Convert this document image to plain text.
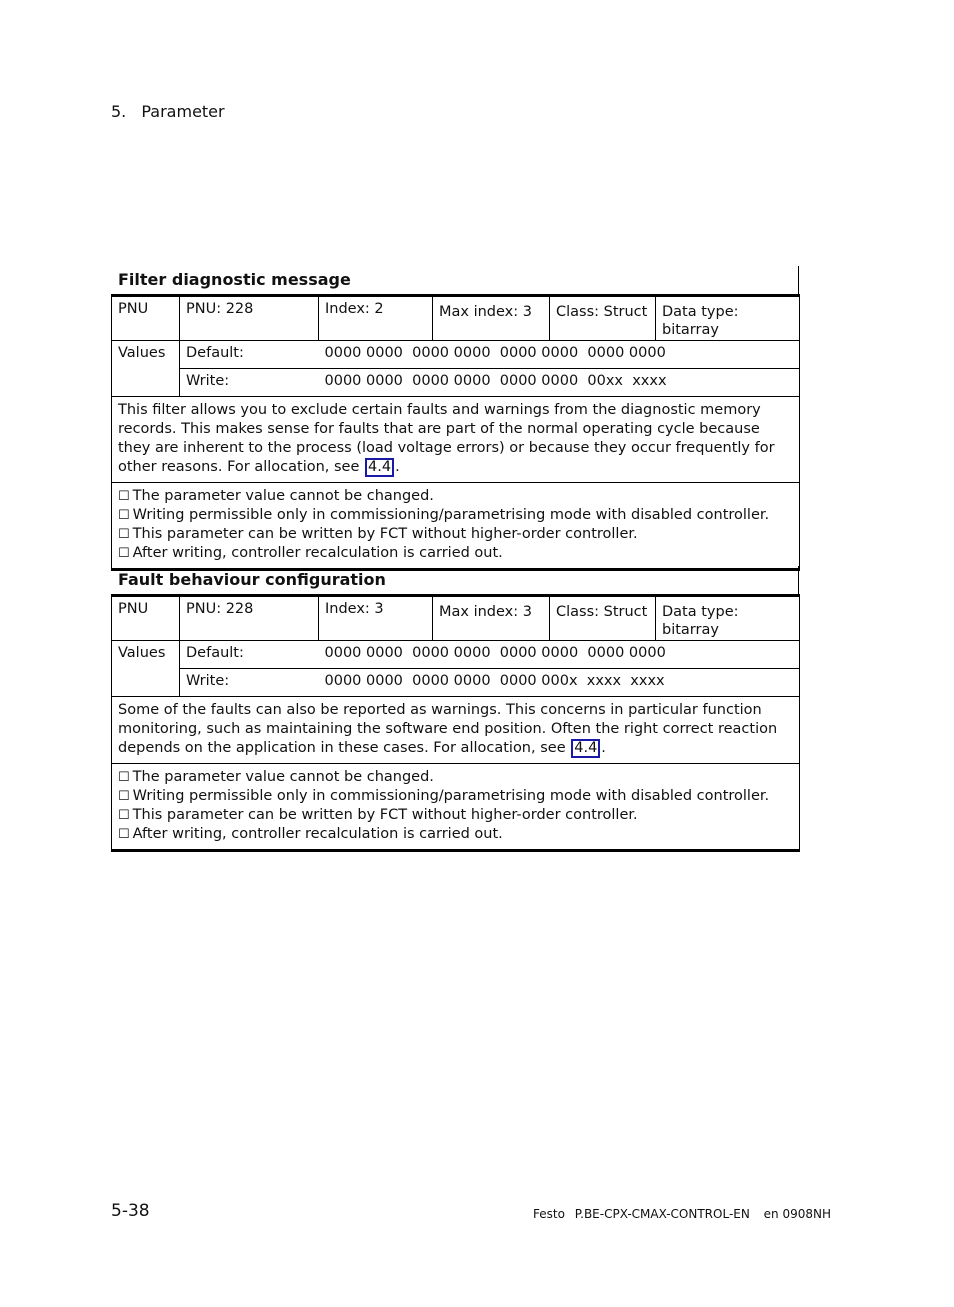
5. Parameter
Filter diagnostic message
PNU	PNU: 228	Index: 2	Max index: 3	Class: Struct	Data type: bitarray
Values	Default:	0000 0000  0000 0000  0000 0000  0000 0000			
	Write:	0000 0000  0000 0000  0000 0000  00xx  xxxx			
This filter allows you to exclude certain faults and warnings from the diagnostic memory records. This makes sense for faults that are part of the normal operating cycle because they are inherent to the process (load voltage errors) or because they occur frequently for other reasons. For allocation, see 4.4 .					

☐ The parameter value cannot be changed.
☐ Writing permissible only in commissioning/parametrising mode with disabled controller.
☐ This parameter can be written by FCT without higher-order controller.
☐ After writing, controller recalculation is carried out.					
Fault behaviour configuration
PNU	PNU: 228	Index: 3	Max index: 3	Class: Struct	Data type: bitarray
Values	Default:	0000 0000  0000 0000  0000 0000  0000 0000			
	Write:	0000 0000  0000 0000  0000 000x  xxxx  xxxx			
Some of the faults can also be reported as warnings. This concerns in particular function monitoring, such as maintaining the software end position. Often the right correct reaction depends on the application in these cases. For allocation, see 4.4 .					

☐ The parameter value cannot be changed.
☐ Writing permissible only in commissioning/parametrising mode with disabled controller.
☐ This parameter can be written by FCT without higher-order controller.
☐ After writing, controller recalculation is carried out.					
5-38	Festo P.BE-CPX-CMAX-CONTROL-EN en 0908NH
